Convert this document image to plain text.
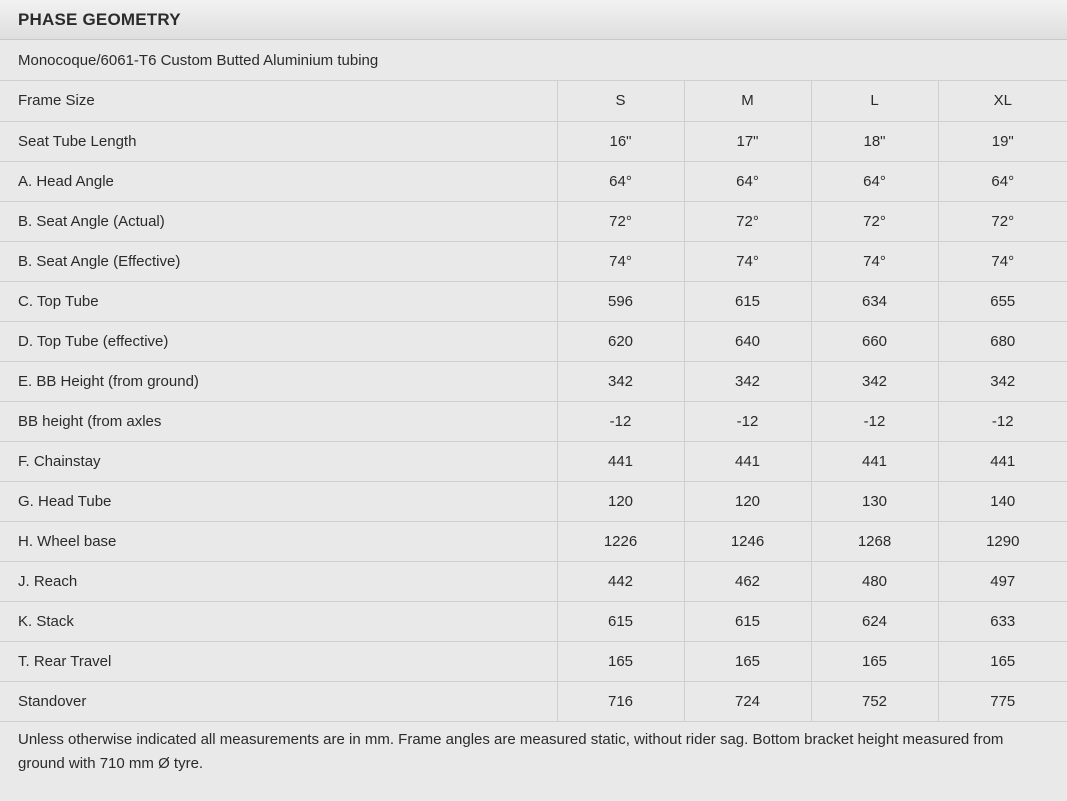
PHASE GEOMETRY
Monocoque/6061-T6 Custom Butted Aluminium tubing
Frame Size	S	M	L	XL
Seat Tube Length	16"	17"	18"	19"
A. Head Angle	64°	64°	64°	64°
B. Seat Angle (Actual)	72°	72°	72°	72°
B. Seat Angle (Effective)	74°	74°	74°	74°
C. Top Tube	596	615	634	655
D. Top Tube (effective)	620	640	660	680
E. BB Height (from ground)	342	342	342	342
BB height (from axles	-12	-12	-12	-12
F. Chainstay	441	441	441	441
G. Head Tube	120	120	130	140
H. Wheel base	1226	1246	1268	1290
J. Reach	442	462	480	497
K. Stack	615	615	624	633
T. Rear Travel	165	165	165	165
Standover	716	724	752	775
Unless otherwise indicated all measurements are in mm. Frame angles are measured static, without rider sag. Bottom bracket height measured from ground with 710 mm Ø tyre.
